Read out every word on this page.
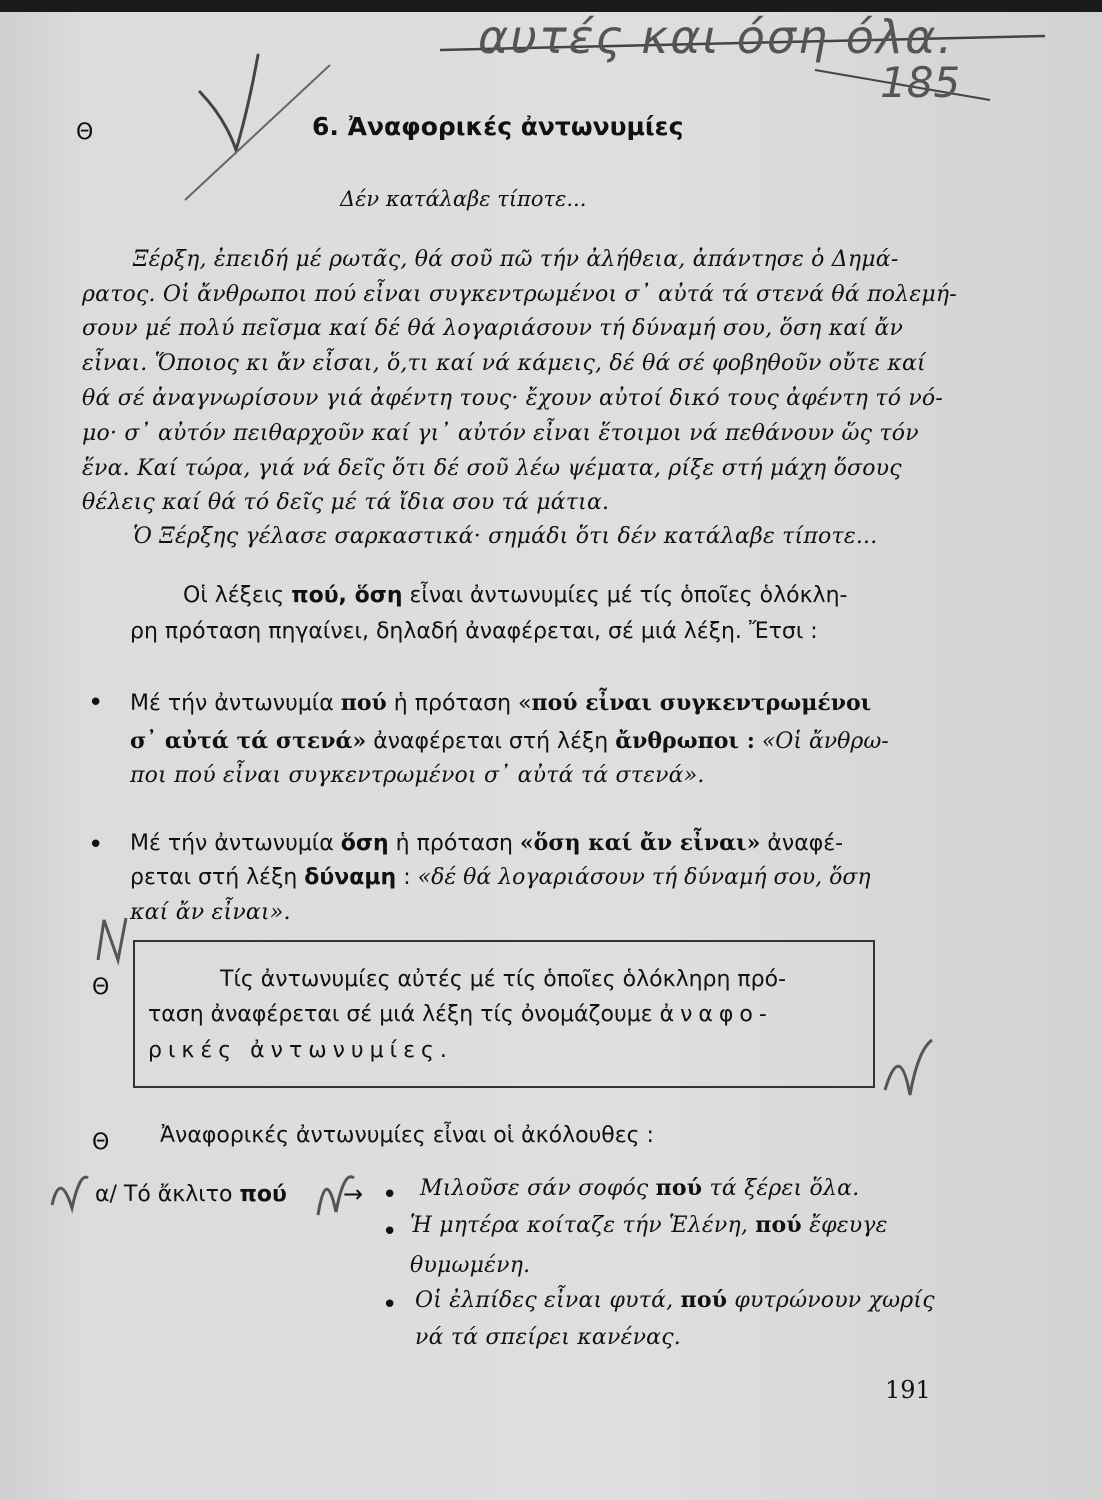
αυτές και όση όλα.
185
Θ	6. Ἀναφορικές ἀντωνυμίες
Δέν κατάλαβε τίποτε...
Ξέρξη, ἐπειδή μέ ρωτᾶς, θά σοῦ πῶ τήν ἀλήθεια, ἀπάντησε ὁ Δημά-
ρατος. Οἱ ἄνθρωποι πού εἶναι συγκεντρωμένοι σ᾽ αὐτά τά στενά θά πολεμή-
σουν μέ πολύ πεῖσμα καί δέ θά λογαριάσουν τή δύναμή σου, ὅση καί ἄν
εἶναι. Ὅποιος κι ἄν εἶσαι, ὅ,τι καί νά κάμεις, δέ θά σέ φοβηθοῦν οὔτε καί
θά σέ ἀναγνωρίσουν γιά ἀφέντη τους· ἔχουν αὐτοί δικό τους ἀφέντη τό νό-
μο· σ᾽ αὐτόν πειθαρχοῦν καί γι᾽ αὐτόν εἶναι ἕτοιμοι νά πεθάνουν ὥς τόν
ἕνα. Καί τώρα, γιά νά δεῖς ὅτι δέ σοῦ λέω ψέματα, ρίξε στή μάχη ὅσους
θέλεις καί θά τό δεῖς μέ τά ἴδια σου τά μάτια.
Ὁ Ξέρξης γέλασε σαρκαστικά· σημάδι ὅτι δέν κατάλαβε τίποτε...
Οἱ λέξεις πού, ὅση εἶναι ἀντωνυμίες μέ τίς ὁποῖες ὁλόκλη-
ρη πρόταση πηγαίνει, δηλαδή ἀναφέρεται, σέ μιά λέξη. Ἔτσι :
• Μέ τήν ἀντωνυμία πού ἡ πρόταση «πού εἶναι συγκεντρωμένοι
σ᾽ αὐτά τά στενά» ἀναφέρεται στή λέξη ἄνθρωποι : «Οἱ ἄνθρω-
ποι πού εἶναι συγκεντρωμένοι σ᾽ αὐτά τά στενά».
• Μέ τήν ἀντωνυμία ὅση ἡ πρόταση «ὅση καί ἄν εἶναι» ἀναφέ-
ρεται στή λέξη δύναμη : «δέ θά λογαριάσουν τή δύναμή σου, ὅση
καί ἄν εἶναι».
Θ	Τίς ἀντωνυμίες αὐτές μέ τίς ὁποῖες ὁλόκληρη πρό-
ταση ἀναφέρεται σέ μιά λέξη τίς ὀνομάζουμε ἀναφο-
ρικές ἀντωνυμίες.
Θ Ἀναφορικές ἀντωνυμίες εἶναι οἱ ἀκόλουθες :
α/ Τό ἄκλιτο πού → • Μιλοῦσε σάν σοφός πού τά ξέρει ὅλα.
• Ἡ μητέρα κοίταζε τήν Ἑλένη, πού ἔφευγε
θυμωμένη.
• Οἱ ἐλπίδες εἶναι φυτά, πού φυτρώνουν χωρίς
νά τά σπείρει κανένας.
191
